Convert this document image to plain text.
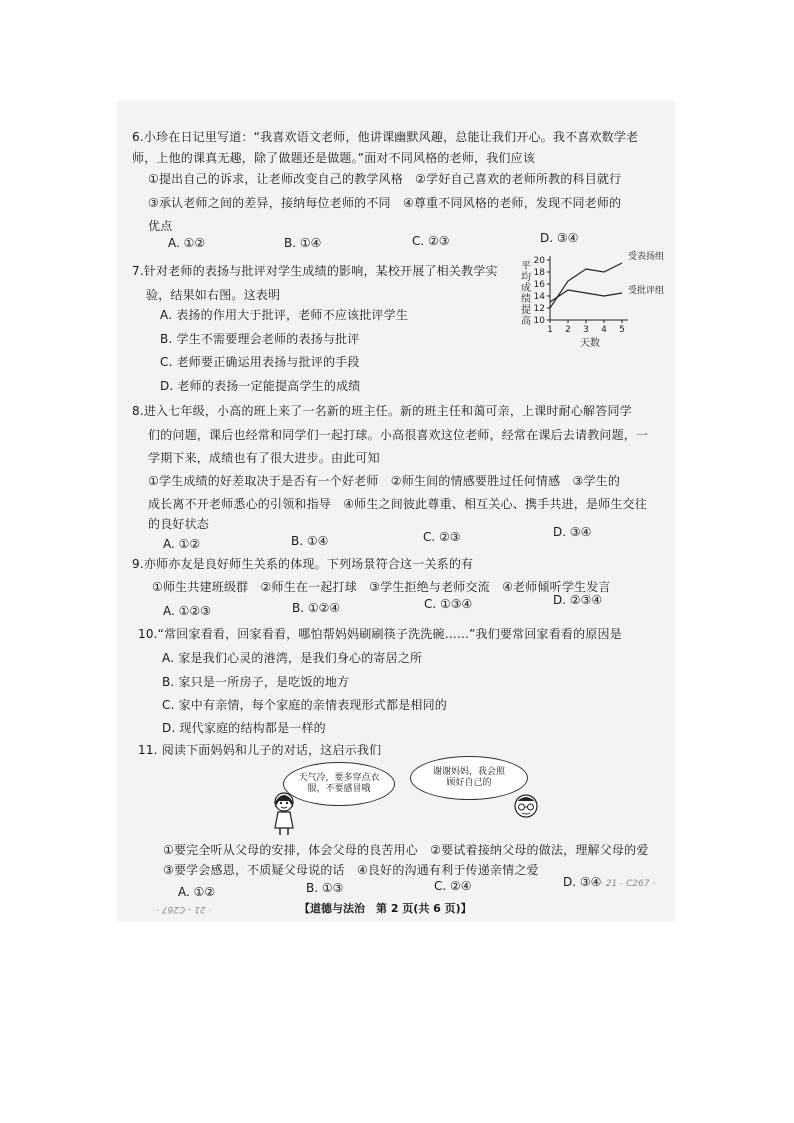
6.小珍在日记里写道：“我喜欢语文老师，他讲课幽默风趣，总能让我们开心。我不喜欢数学老
师，上他的课真无趣，除了做题还是做题。”面对不同风格的老师，我们应该
①提出自己的诉求，让老师改变自己的教学风格　②学好自己喜欢的老师所教的科目就行
③承认老师之间的差异，接纳每位老师的不同　④尊重不同风格的老师，发现不同老师的
优点
A. ①②	B. ①④	C. ②③	D. ③④
7.针对老师的表扬与批评对学生成绩的影响，某校开展了相关教学实
验，结果如右图。这表明
A. 表扬的作用大于批评，老师不应该批评学生
B. 学生不需要理会老师的表扬与批评
C. 老师要正确运用表扬与批评的手段
D. 老师的表扬一定能提高学生的成绩
10
12
14
16
18
20
1 2 3 4 5
平均成绩提高
天数
受表扬组
受批评组
8.进入七年级，小高的班上来了一名新的班主任。新的班主任和蔼可亲，上课时耐心解答同学
们的问题，课后也经常和同学们一起打球。小高很喜欢这位老师，经常在课后去请教问题，一
学期下来，成绩也有了很大进步。由此可知
①学生成绩的好差取决于是否有一个好老师　②师生间的情感要胜过任何情感　③学生的
成长离不开老师悉心的引领和指导　④师生之间彼此尊重、相互关心、携手共进，是师生交往
的良好状态
A. ①②	B. ①④	C. ②③	D. ③④
9.亦师亦友是良好师生关系的体现。下列场景符合这一关系的有
①师生共建班级群　②师生在一起打球　③学生拒绝与老师交流　④老师倾听学生发言
A. ①②③	B. ①②④	C. ①③④	D. ②③④
10.“常回家看看，回家看看，哪怕帮妈妈刷刷筷子洗洗碗……”我们要常回家看看的原因是
A. 家是我们心灵的港湾，是我们身心的寄居之所
B. 家只是一所房子，是吃饭的地方
C. 家中有亲情，每个家庭的亲情表现形式都是相同的
D. 现代家庭的结构都是一样的
11. 阅读下面妈妈和儿子的对话，这启示我们
天气冷，要多穿点衣
服，不要感冒哦
谢谢妈妈，我会照
顾好自己的
①要完全听从父母的安排，体会父母的良苦用心　②要试着接纳父母的做法，理解父母的爱
③要学会感恩，不质疑父母说的话　④良好的沟通有利于传递亲情之爱
A. ①②	B. ①③	C. ②④	D. ③④
【道德与法治　第 2 页(共 6 页)】
· 21 - C267 ·
· 21 - C267 ·
